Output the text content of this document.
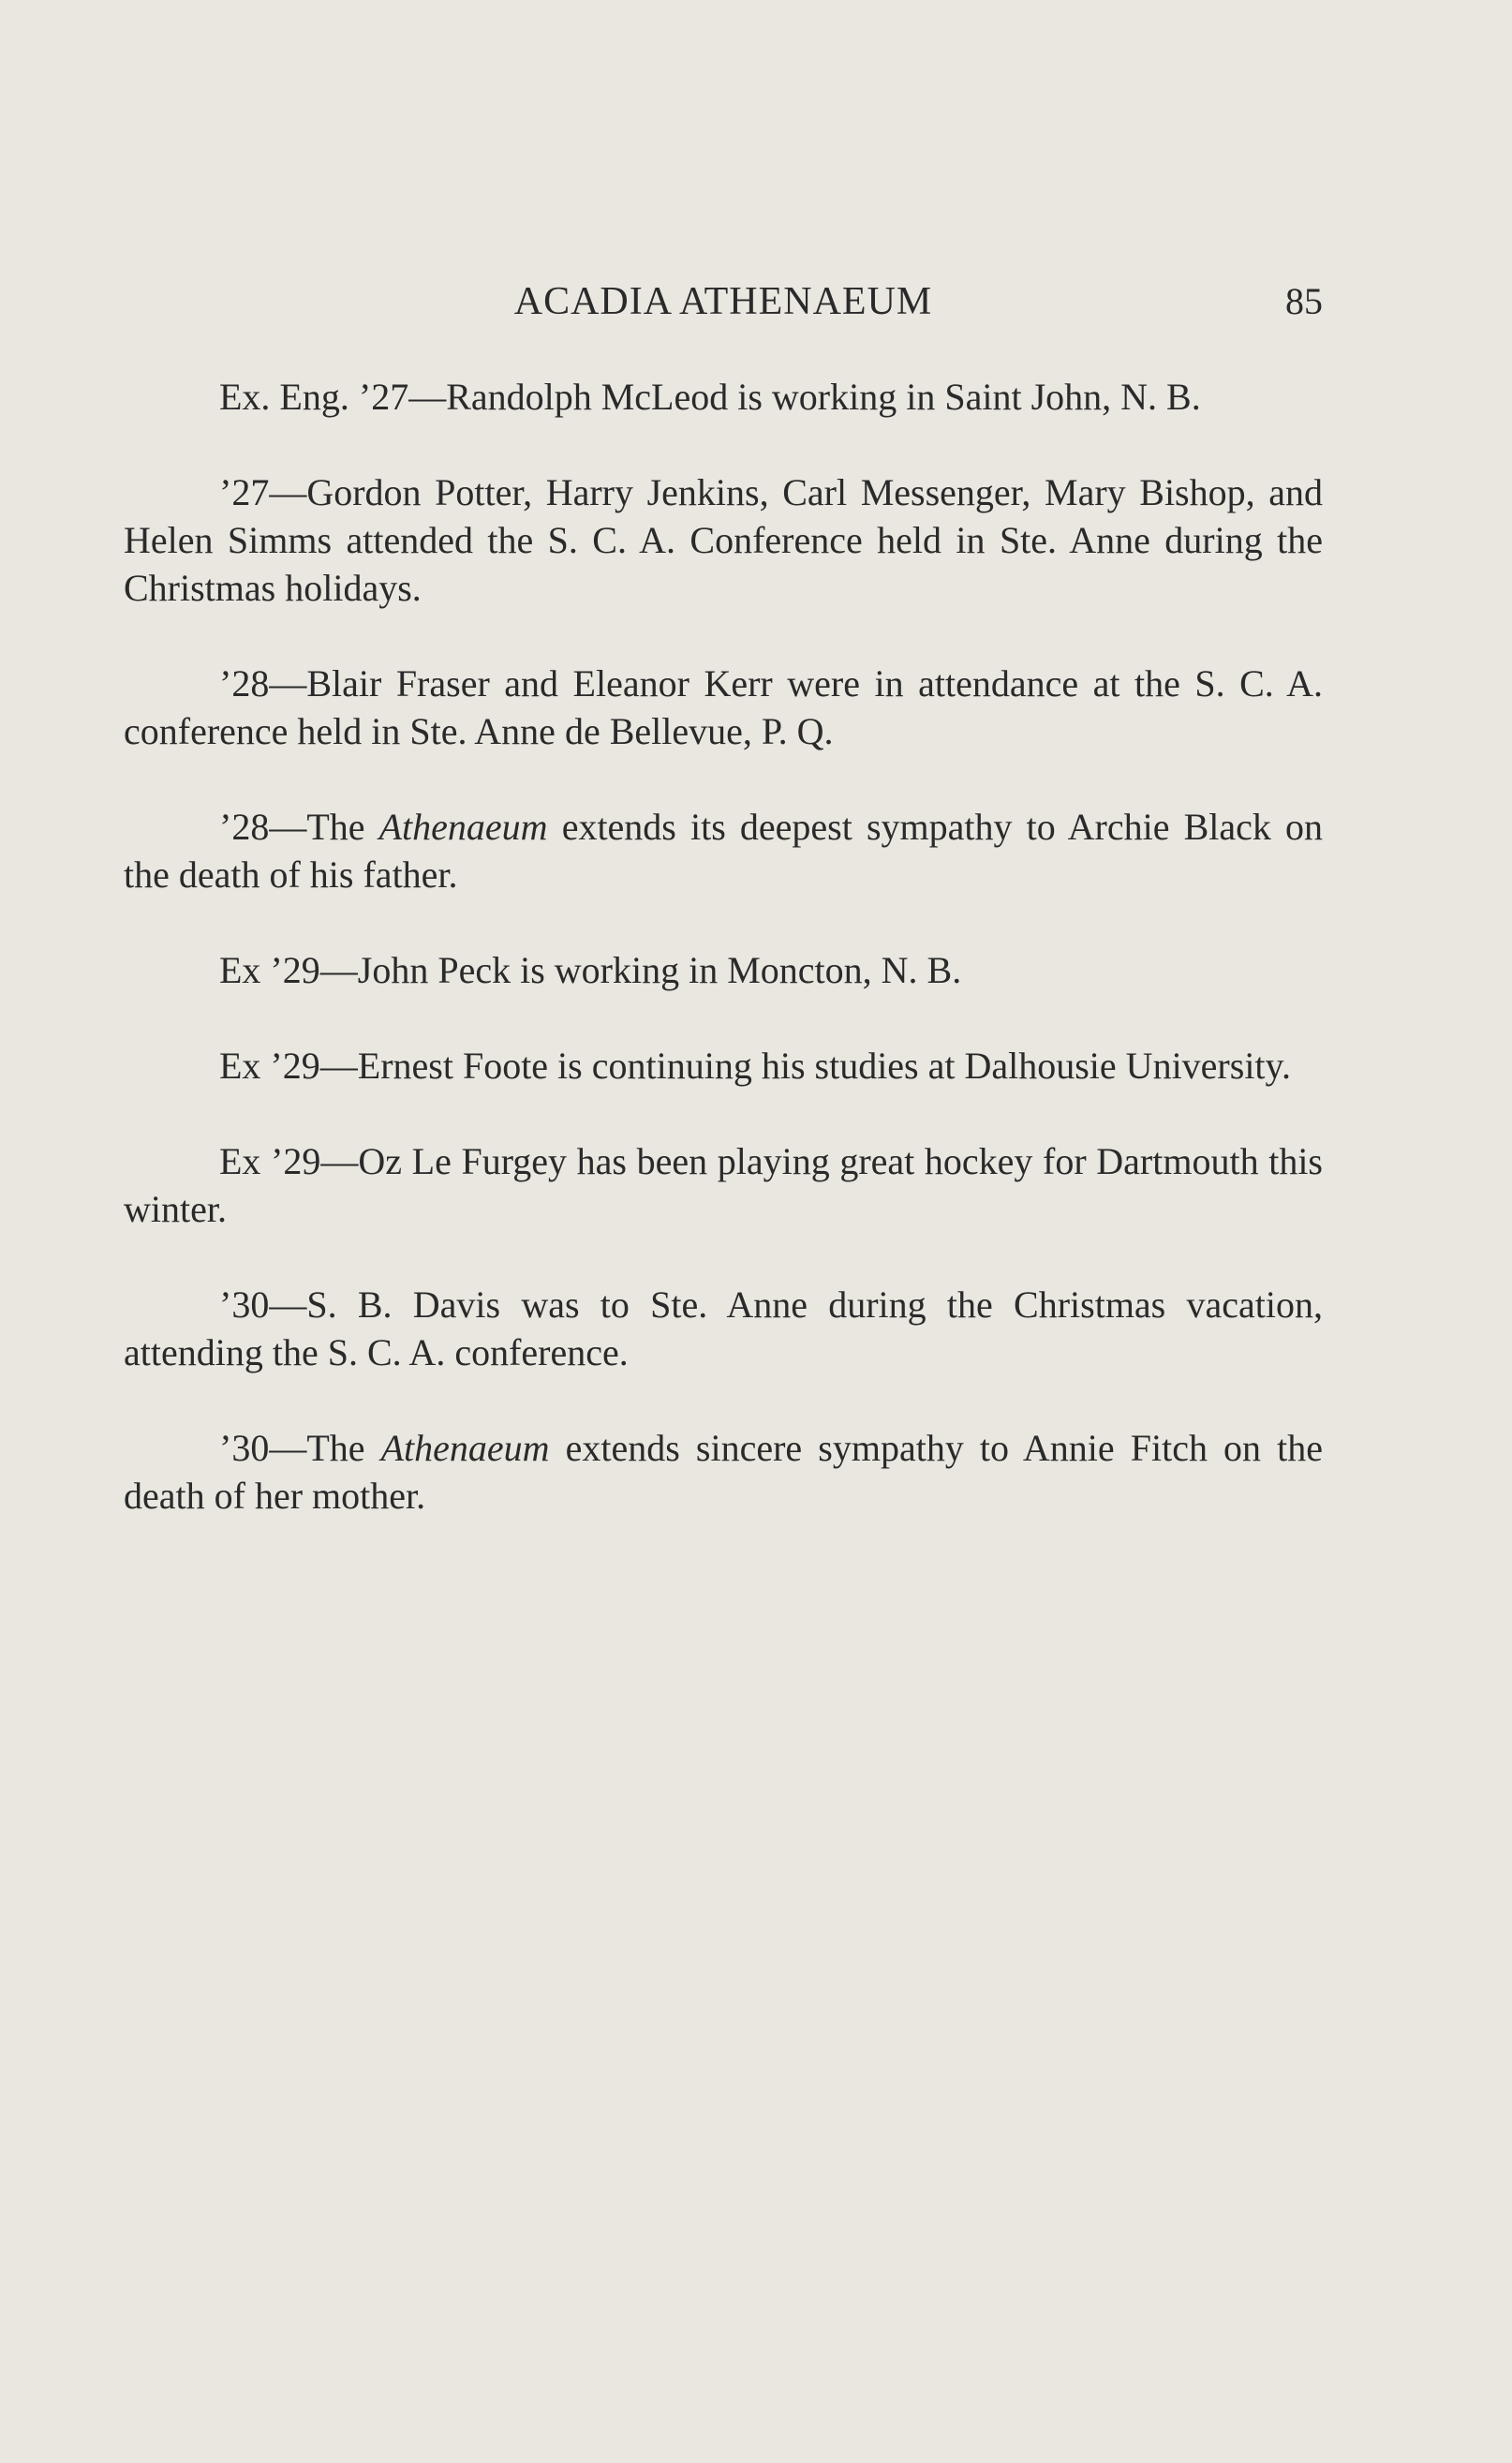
ACADIA ATHENAEUM	85

Ex. Eng. ’27—Randolph McLeod is working in Saint John, N. B.

’27—Gordon Potter, Harry Jenkins, Carl Messenger, Mary Bishop, and Helen Simms attended the S. C. A. Conference held in Ste. Anne during the Christmas holidays.

’28—Blair Fraser and Eleanor Kerr were in attendance at the S. C. A. conference held in Ste. Anne de Bellevue, P. Q.

’28—The Athenaeum extends its deepest sympathy to Archie Black on the death of his father.

Ex ’29—John Peck is working in Moncton, N. B.

Ex ’29—Ernest Foote is continuing his studies at Dalhousie University.

Ex ’29—Oz Le Furgey has been playing great hockey for Dartmouth this winter.

’30—S. B. Davis was to Ste. Anne during the Christmas vacation, attending the S. C. A. conference.

’30—The Athenaeum extends sincere sympathy to Annie Fitch on the death of her mother.
